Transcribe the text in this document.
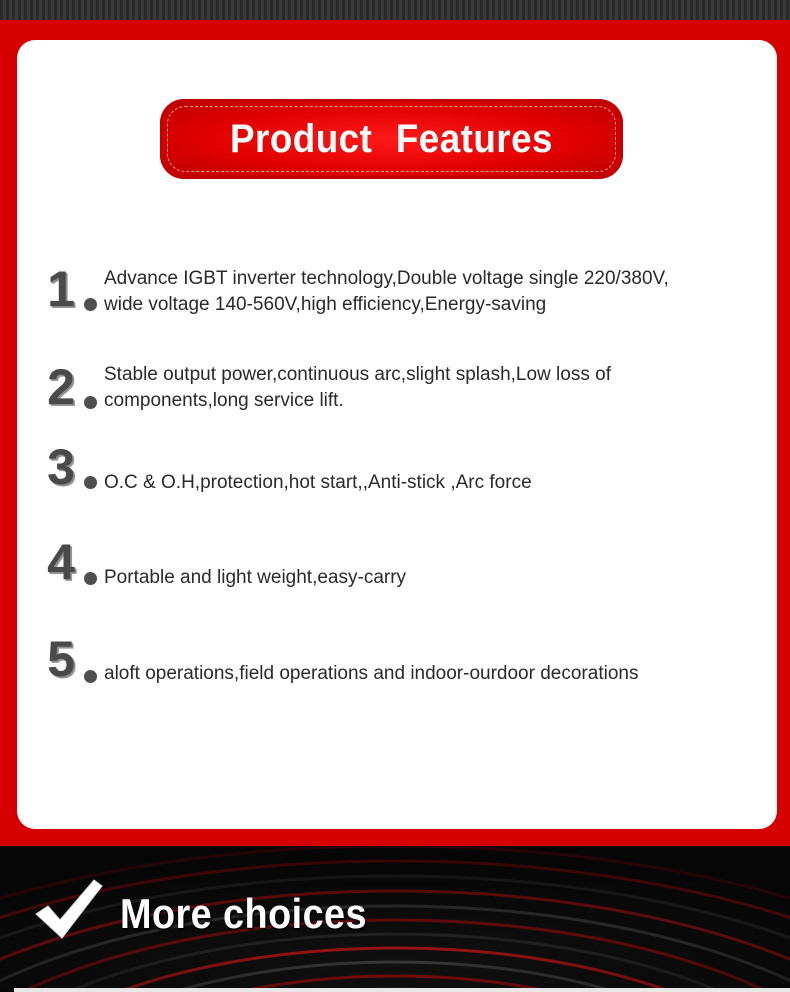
Product Features
1	Advance IGBT inverter technology,Double voltage single 220/380V,
wide voltage 140-560V,high efficiency,Energy-saving
2	Stable output power,continuous arc,slight splash,Low loss of
components,long service lift.
3	O.C & O.H,protection,hot start,,Anti-stick ,Arc force
4	Portable and light weight,easy-carry
5	aloft operations,field operations and indoor-ourdoor decorations
More choices
